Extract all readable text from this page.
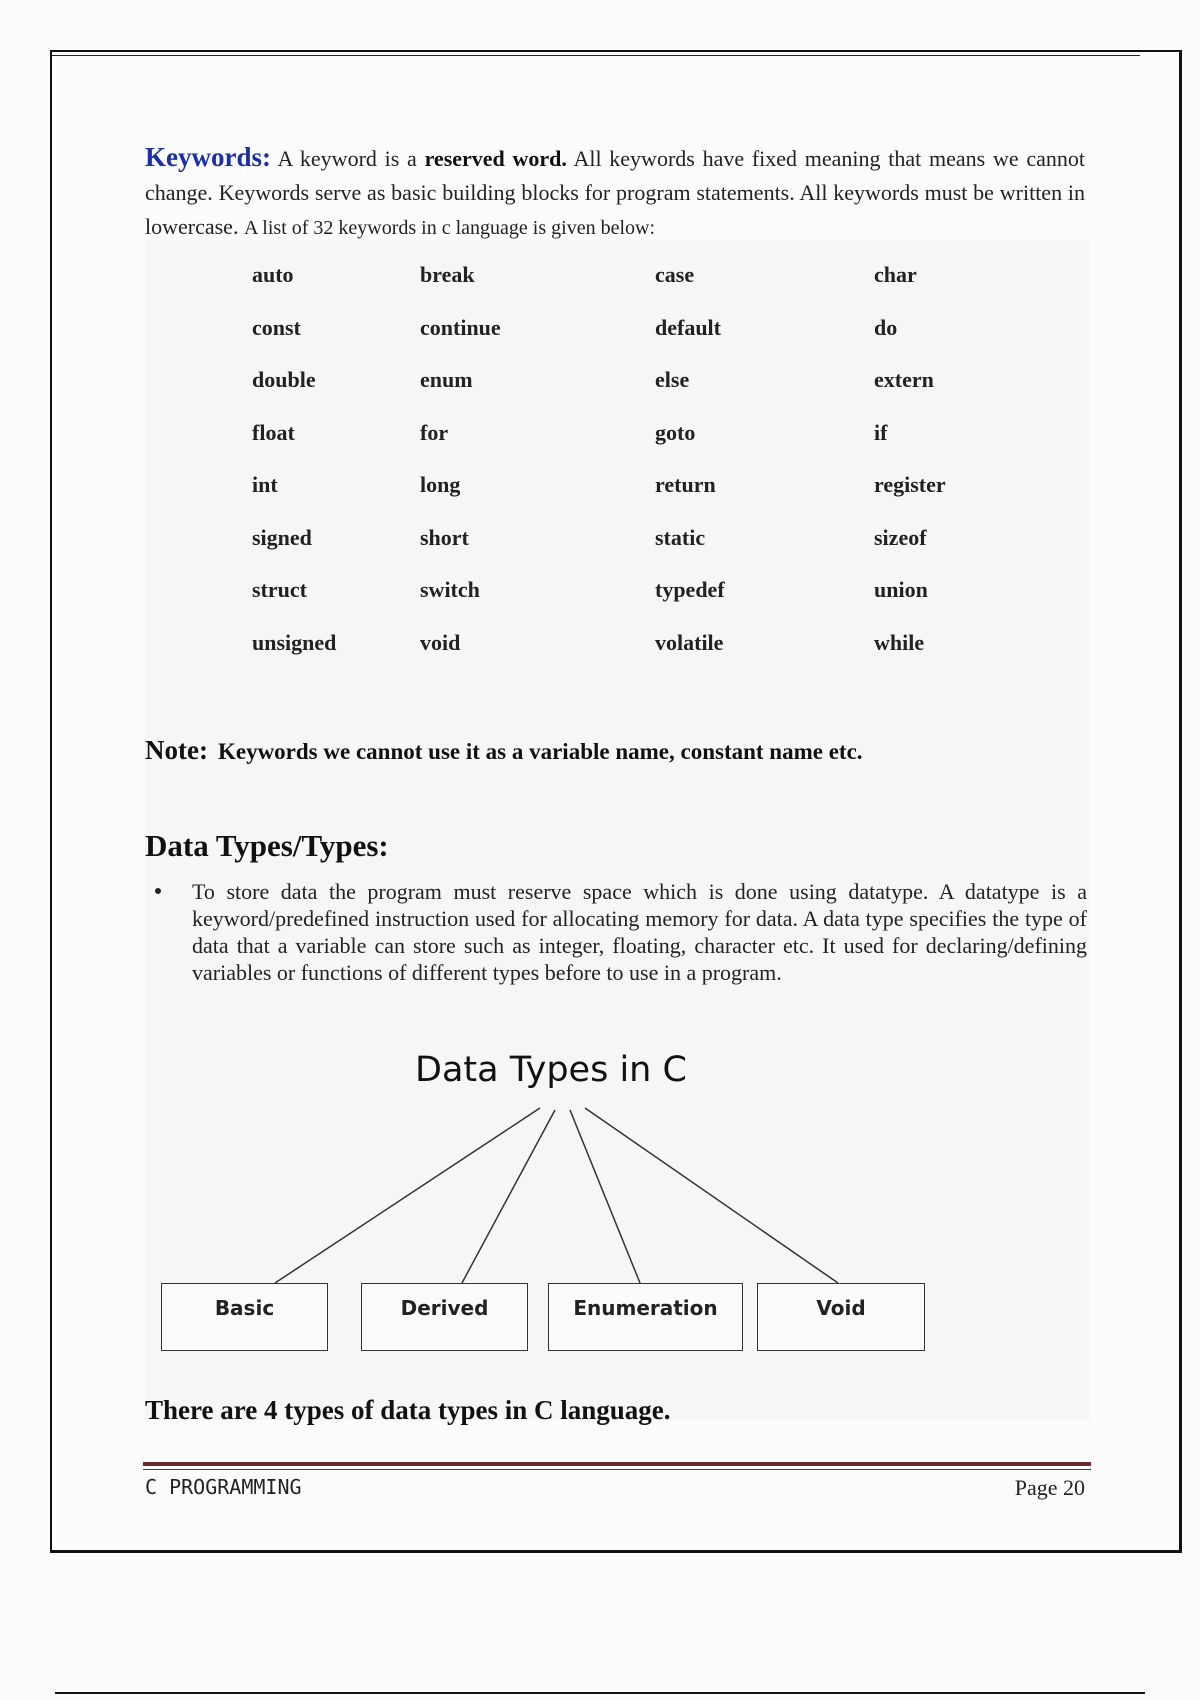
Keywords: A keyword is a reserved word. All keywords have fixed meaning that means we cannot change. Keywords serve as basic building blocks for program statements. All keywords must be written in lowercase. A list of 32 keywords in c language is given below:
auto	break	case	char
const	continue	default	do
double	enum	else	extern
float	for	goto	if
int	long	return	register
signed	short	static	sizeof
struct	switch	typedef	union
unsigned	void	volatile	while
Note: Keywords we cannot use it as a variable name, constant name etc.
Data Types/Types:
To store data the program must reserve space which is done using datatype. A datatype is a keyword/predefined instruction used for allocating memory for data. A data type specifies the type of data that a variable can store such as integer, floating, character etc. It used for declaring/defining variables or functions of different types before to use in a program.
Data Types in C
Basic	Derived	Enumeration	Void
There are 4 types of data types in C language.
C PROGRAMMING	Page 20
